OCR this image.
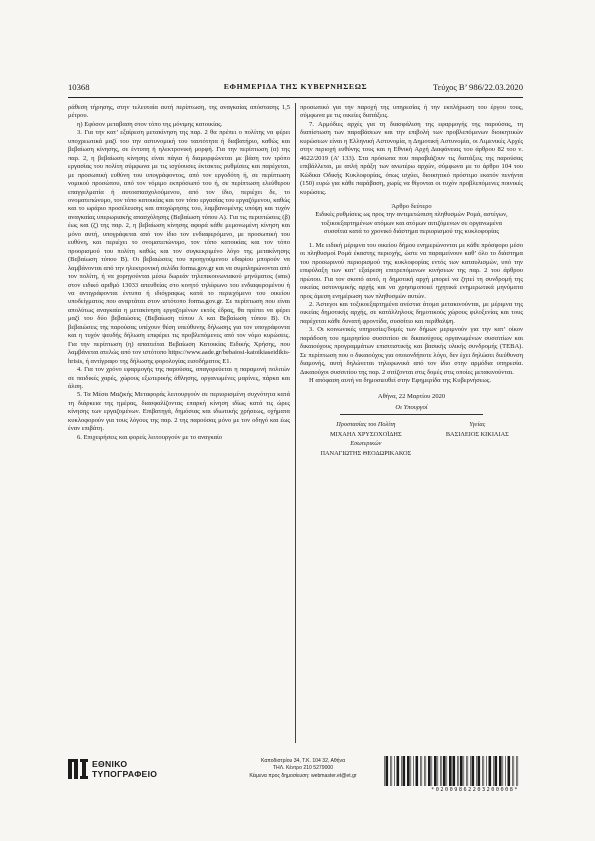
10368	ΕΦΗΜΕΡΙΔΑ ΤΗΣ ΚΥΒΕΡΝΗΣΕΩΣ	Τεύχος Β’ 986/22.03.2020

ράθεση τήρησης, στην τελευταία αυτή περίπτωση, της αναγκαίας απόστασης 1,5 μέτρου.

η) Εφόσον μεταβαση στον τόπο της μόνιμης κατοικίας.

3. Για την κατ’ εξαίρεση μετακίνηση της παρ. 2 θα πρέπει ο πολίτης να φέρει υποχρεωτικά μαζί του την αστυνομική του ταυτότητα ή διαβατήριο, καθώς και βεβαίωση κίνησης, σε έντυπη ή ηλεκτρονική μορφή. Για την περίπτωση (α) της παρ. 2, η βεβαίωση κίνησης είναι πάγια ή διαμορφώνεται με βάση τον τρόπο εργασίας του πολίτη σύμφωνα με τις ισχύουσες έκτακτες ρυθμίσεις και παρέχεται, με προσωπική ευθύνη του υπογράφοντος, από τον εργοδότη ή, σε περίπτωση νομικού προσώπου, από τον νόμιμο εκπρόσωπό του ή, σε περίπτωση ελεύθερου επαγγελματία ή αυτοαπασχολούμενου, από τον ίδιο, περιέχει δε, το ονοματεπώνυμο, τον τόπο κατοικίας και τον τόπο εργασίας του εργαζόμενου, καθώς και το ωράριο προσέλευσης και αποχώρησης του, λαμβανομένης υπόψη και τυχόν αναγκαίας υπερωριακής απασχόλησης (Βεβαίωση τύπου Α). Για τις περιπτώσεις (β) έως και (ζ) της παρ. 2, η βεβαίωση κίνησης αφορά κάθε μεμονωμένη κίνηση και μόνο αυτή, υπογράφεται από τον ίδιο τον ενδιαφερόμενο, με προσωπική του ευθύνη, και περιέχει το ονοματεπώνυμο, τον τόπο κατοικίας και τον τόπο προορισμού του πολίτη καθώς και τον συγκεκριμένο λόγο της μετακίνησης (Βεβαίωση τύπου Β). Οι βεβαιώσεις του προηγούμενου εδαφίου μπορούν να λαμβάνονται από την ηλεκτρονική σελίδα forma.gov.gr και να συμπληρώνονται από τον πολίτη, ή να χορηγούνται μέσω δωρεάν τηλεπικοινωνιακού μηνύματος (sms) στον ειδικό αριθμό 13033 απευθείας στο κινητό τηλέφωνο του ενδιαφερομένου ή να αντιγράφονται έντυπα ή ιδιόγραφως κατά το περιεχόμενο του οικείου υποδείγματος που αναρτάται στον ιστότοπο forma.gov.gr. Σε περίπτωση που είναι απολύτως αναγκαία η μετακίνηση εργαζομένων εκτός έδρας, θα πρέπει να φέρει μαζί του δύο βεβαιώσεις (Βεβαίωση τύπου Α και Βεβαίωση τύπου Β). Οι βεβαιώσεις της παρούσας υπέχουν θέση υπεύθυνης δήλωσης για τον υπογράφοντα και η τυχόν ψευδής δήλωση επιφέρει τις προβλεπόμενες από τον νόμο κυρώσεις. Για την περίπτωση (η) απαιτείται Βεβαίωση Κατοικίας Ειδικής Χρήσης, που λαμβάνεται ατελώς από τον ιστότοπο https://www.aade.gr/bebaiosi-katoikiaseidikis-hrisis, ή αντίγραφο της δήλωσης φορολογίας εισοδήματος Ε1.

4. Για τον χρόνο εφαρμογής της παρούσας, απαγορεύεται η παραμονή πολιτών σε παιδικές χαρές, χώρους εξωτερικής άθλησης, οργανωμένες μαρίνες, πάρκα και άλση.

5. Τα Μέσα Μαζικής Μεταφοράς λειτουργούν σε περιορισμένη συχνότητα κατά τη διάρκεια της ημέρας, διασφαλίζοντας επαρκή κίνηση ιδίως κατά τις ώρες κίνησης των εργαζομένων. Επιβατηγά, δημόσιας και ιδιωτικής χρήσεως, οχήματα κυκλοφορούν για τους λόγους της παρ. 2 της παρούσας μόνο με τον οδηγό και έως έναν επιβάτη.

6. Επιχειρήσεις και φορείς λειτουργούν με το αναγκαίο

προσωπικό για την παροχή της υπηρεσίας ή την εκπλήρωση του έργου τους, σύμφωνα με τις οικείες διατάξεις.

7. Αρμόδιες αρχές για τη διασφάλιση της εφαρμογής της παρούσας, τη διαπίστωση των παραβάσεων και την επιβολή των προβλεπόμενων διοικητικών κυρώσεων είναι η Ελληνική Αστυνομία, η Δημοτική Αστυνομία, οι Λιμενικές Αρχές στην περιοχή ευθύνης τους και η Εθνική Αρχή Διαφάνειας του άρθρου 82 του ν. 4622/2019 (Α’ 133). Στα πρόσωπα που παραβιάζουν τις διατάξεις της παρούσας επιβάλλεται, με απλή πράξη των ανωτέρω αρχών, σύμφωνα με το άρθρο 104 του Κώδικα Οδικής Κυκλοφορίας, όπως ισχύει, διοικητικό πρόστιμο εκατόν πενήντα (150) ευρώ για κάθε παράβαση, χωρίς να θίγονται οι τυχόν προβλεπόμενες ποινικές κυρώσεις.

Άρθρο δεύτερο

Ειδικές ρυθμίσεις ως προς την αντιμετώπιση πληθυσμών Ρομά, αστέγων, τοξικοεξαρτημένων ατόμων και ατόμων αιτιζόμενων σε οργανωμένα συσσίτια κατά το χρονικό διάστημα περιορισμού της κυκλοφορίας

1. Με ειδική μέριμνα του οικείου δήμου ενημερώνονται με κάθε πρόσφορο μέσο οι πληθυσμοί Ρομά έκαστης περιοχής, ώστε να παραμείνουν καθ’ όλο το διάστημα του προσωρινού περιορισμού της κυκλοφορίας εντός των καταυλισμών, υπό την επιφύλαξη των κατ’ εξαίρεση επιτρεπόμενων κινήσεων της παρ. 2 του άρθρου πρώτου. Για τον σκοπό αυτό, η δημοτική αρχή μπορεί να ζητεί τη συνδρομή της οικείας αστυνομικής αρχής και να χρησιμοποιεί ηχητικά ενημερωτικά μηνύματα προς άμεση ενημέρωση των πληθυσμών αυτών.

2. Άστεγοι και τοξικοεξαρτημένα ανέστια άτομα μετακινούνται, με μέριμνα της οικείας δημοτικής αρχής, σε κατάλληλους δημοτικούς χώρους φιλοξενίας και τους παρέχεται κάθε δυνατή φροντίδα, συσσίτιο και περίθαλψη.

3. Οι κοινωνικές υπηρεσίες/δομές των δήμων μεριμνούν για την κατ’ οίκον παράδοση του ημερησίου συσσιτίου σε δικαιούχους οργανωμένων συσσιτίων και δικαιούχους προγραμμάτων επισιτιστικής και βασικής υλικής συνδρομής (ΤΕΒΑ). Σε περίπτωση που ο δικαιούχος για οποιονδήποτε λόγο, δεν έχει δηλώσει διεύθυνση διαμονής, αυτή δηλώνεται τηλεφωνικά από τον ίδιο στην αρμόδια υπηρεσία. Δικαιούχοι συσσιτίου της παρ. 2 σιτίζονται στις δομές στις οποίες μετακινούνται.

Η απόφαση αυτή να δημοσιευθεί στην Εφημερίδα της Κυβερνήσεως.

Αθήνα, 22 Μαρτίου 2020

Οι Υπουργοί

Προστασίας του Πολίτη	Υγείας
ΜΙΧΑΗΛ ΧΡΥΣΟΧΟΪΔΗΣ	ΒΑΣΙΛΕΙΟΣ ΚΙΚΙΛΙΑΣ
Εσωτερικών	
ΠΑΝΑΓΙΩΤΗΣ ΘΕΟΔΩΡΙΚΑΚΟΣ	
ΕΘΝΙΚΟ
ΤΥΠΟΓΡΑΦΕΙΟ
Καποδιστρίου 34, Τ.Κ. 104 32, Αθήνα
ΤΗΛ. Κέντρο 210 5279000
Κέιμενα προς δημοσίευση: webmaster.et@et.gr
*02009862203200008*
